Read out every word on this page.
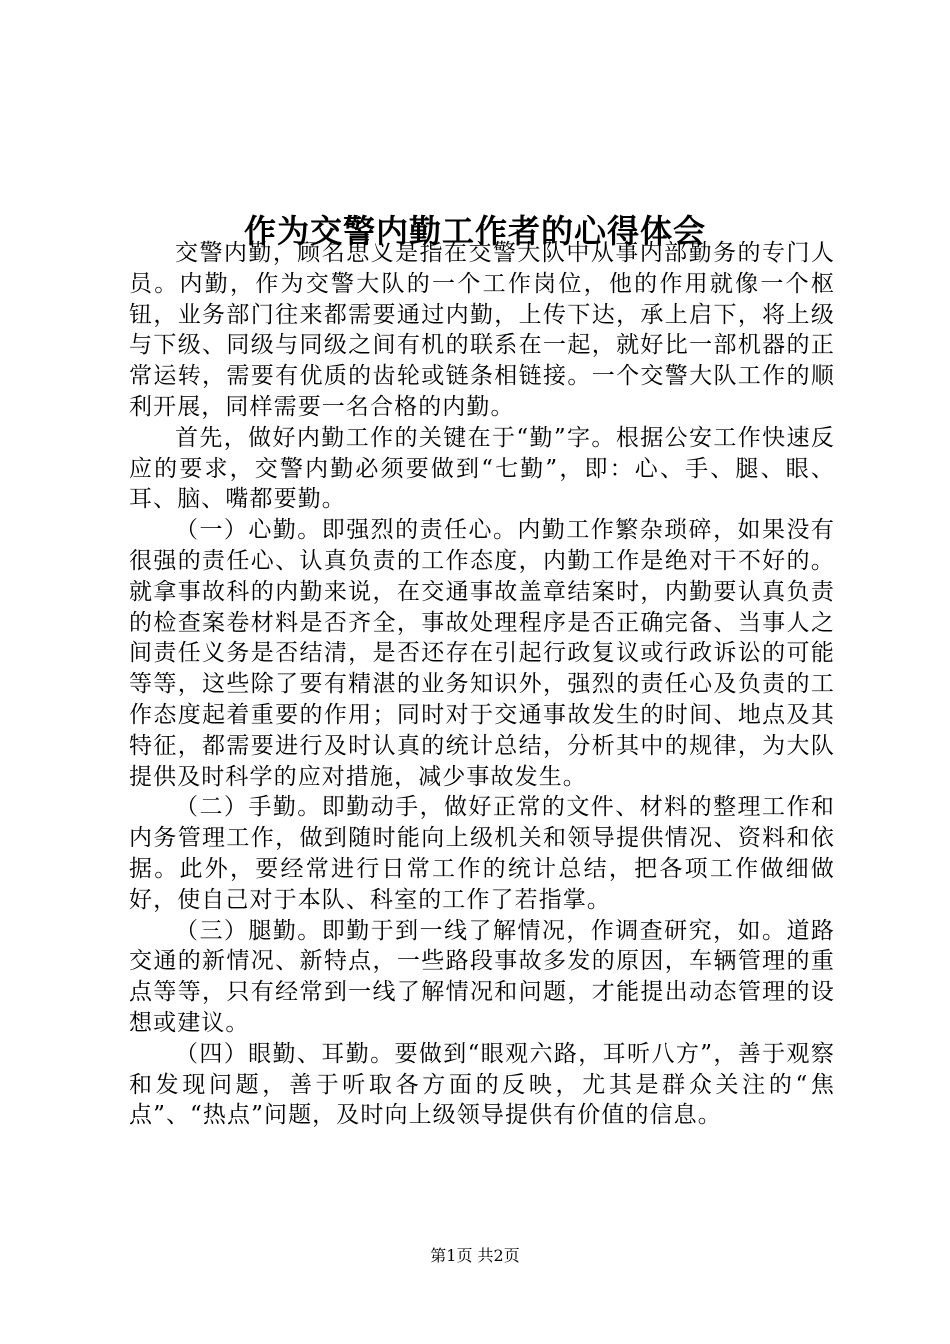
作为交警内勤工作者的心得体会

交警内勤，顾名思义是指在交警大队中从事内部勤务的专门人员。内勤，作为交警大队的一个工作岗位，他的作用就像一个枢钮，业务部门往来都需要通过内勤，上传下达，承上启下，将上级与下级、同级与同级之间有机的联系在一起，就好比一部机器的正常运转，需要有优质的齿轮或链条相链接。一个交警大队工作的顺利开展，同样需要一名合格的内勤。

首先，做好内勤工作的关键在于“勤”字。根据公安工作快速反应的要求，交警内勤必须要做到“七勤”，即：心、手、腿、眼、耳、脑、嘴都要勤。

（一）心勤。即强烈的责任心。内勤工作繁杂琐碎，如果没有很强的责任心、认真负责的工作态度，内勤工作是绝对干不好的。就拿事故科的内勤来说，在交通事故盖章结案时，内勤要认真负责的检查案卷材料是否齐全，事故处理程序是否正确完备、当事人之间责任义务是否结清，是否还存在引起行政复议或行政诉讼的可能等等，这些除了要有精湛的业务知识外，强烈的责任心及负责的工作态度起着重要的作用；同时对于交通事故发生的时间、地点及其特征，都需要进行及时认真的统计总结，分析其中的规律，为大队提供及时科学的应对措施，减少事故发生。

（二）手勤。即勤动手，做好正常的文件、材料的整理工作和内务管理工作，做到随时能向上级机关和领导提供情况、资料和依据。此外，要经常进行日常工作的统计总结，把各项工作做细做好，使自己对于本队、科室的工作了若指掌。

（三）腿勤。即勤于到一线了解情况，作调查研究，如。道路交通的新情况、新特点，一些路段事故多发的原因，车辆管理的重点等等，只有经常到一线了解情况和问题，才能提出动态管理的设想或建议。

（四）眼勤、耳勤。要做到“眼观六路，耳听八方”，善于观察和发现问题，善于听取各方面的反映，尤其是群众关注的“焦点”、“热点”问题，及时向上级领导提供有价值的信息。

第1页 共2页
